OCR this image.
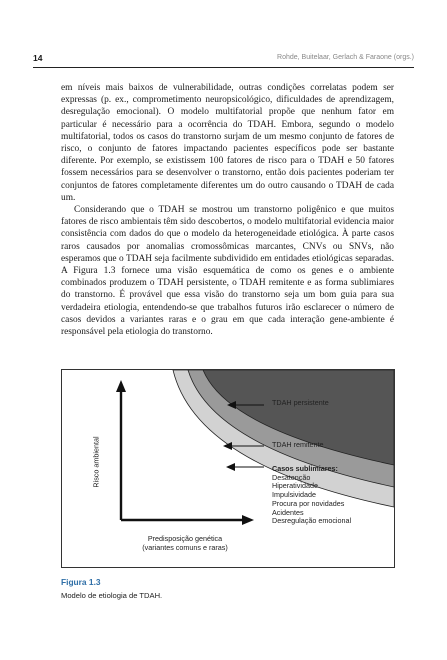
14	Rohde, Buitelaar, Gerlach & Faraone (orgs.)

em níveis mais baixos de vulnerabilidade, outras condições correlatas podem ser expressas (p. ex., comprometimento neuropsicológico, dificuldades de aprendizagem, desregulação emocional). O modelo multifatorial propõe que nenhum fator em particular é necessário para a ocorrência do TDAH. Embora, segundo o modelo multifatorial, todos os casos do transtorno surjam de um mesmo conjunto de fatores de risco, o conjunto de fatores impactando pacientes específicos pode ser bastante diferente. Por exemplo, se existissem 100 fatores de risco para o TDAH e 50 fatores fossem necessários para se desenvolver o transtorno, então dois pacientes poderiam ter conjuntos de fatores completamente diferentes um do outro causando o TDAH de cada um.

Considerando que o TDAH se mostrou um transtorno poligênico e que muitos fatores de risco ambientais têm sido descobertos, o modelo multifatorial evidencia maior consistência com dados do que o modelo da heterogeneidade etiológica. À parte casos raros causados por anomalias cromossômicas marcantes, CNVs ou SNVs, não esperamos que o TDAH seja facilmente subdividido em entidades etiológicas separadas. A Figura 1.3 fornece uma visão esquemática de como os genes e o ambiente combinados produzem o TDAH persistente, o TDAH remitente e as forma sublimiares do transtorno. É provável que essa visão do transtorno seja um bom guia para sua verdadeira etiologia, entendendo-se que trabalhos futuros irão esclarecer o número de casos devidos a variantes raras e o grau em que cada interação gene-ambiente é responsável pela etiologia do transtorno.

TDAH persistente
TDAH remitente
Casos sublimiares:
Desatenção
Hiperatividade
Impulsividade
Procura por novidades
Acidentes
Desregulação emocional
Risco ambiental
Predisposição genética
(variantes comuns e raras)
Figura 1.3
Modelo de etiologia de TDAH.
